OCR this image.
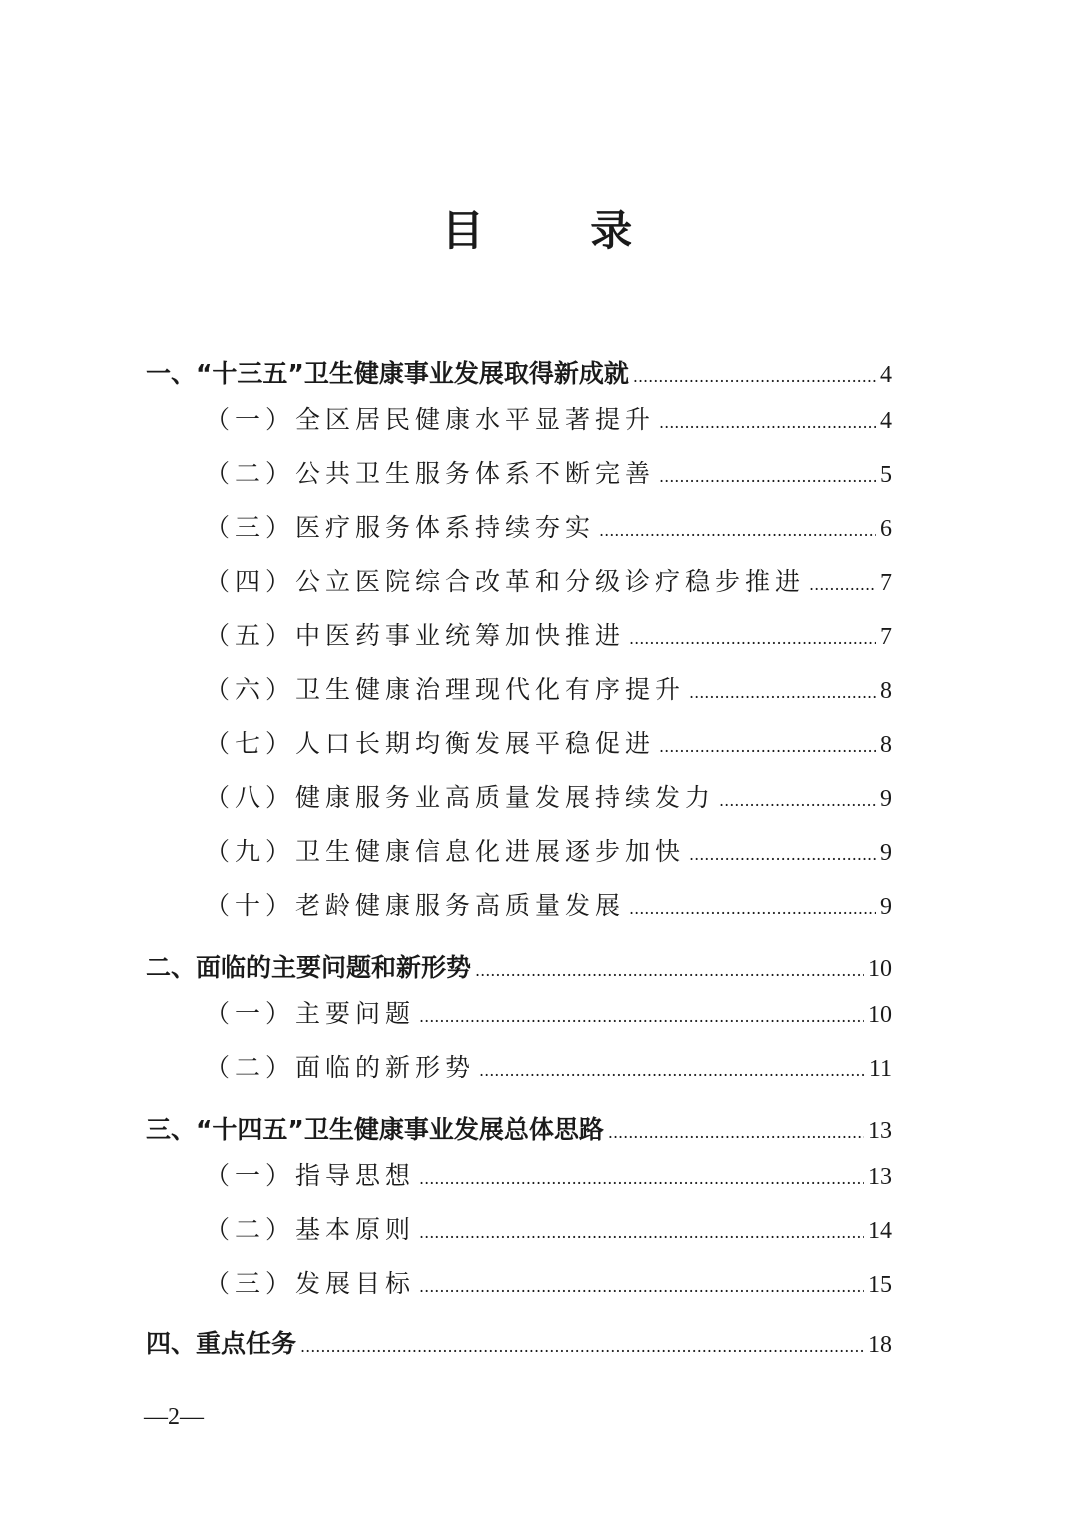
目 录
一、“十三五”卫生健康事业发展取得新成就 .....	4
（一）全区居民健康水平显著提升 .....	4
（二）公共卫生服务体系不断完善 .....	5
（三）医疗服务体系持续夯实 .....	6
（四）公立医院综合改革和分级诊疗稳步推进 .....	7
（五）中医药事业统筹加快推进 .....	7
（六）卫生健康治理现代化有序提升 .....	8
（七）人口长期均衡发展平稳促进 .....	8
（八）健康服务业高质量发展持续发力 .....	9
（九）卫生健康信息化进展逐步加快 .....	9
（十）老龄健康服务高质量发展 .....	9
二、面临的主要问题和新形势 .....	10
（一）主要问题 .....	10
（二）面临的新形势 .....	11
三、“十四五”卫生健康事业发展总体思路 .....	13
（一）指导思想 .....	13
（二）基本原则 .....	14
（三）发展目标 .....	15
四、重点任务 .....	18
—2—
